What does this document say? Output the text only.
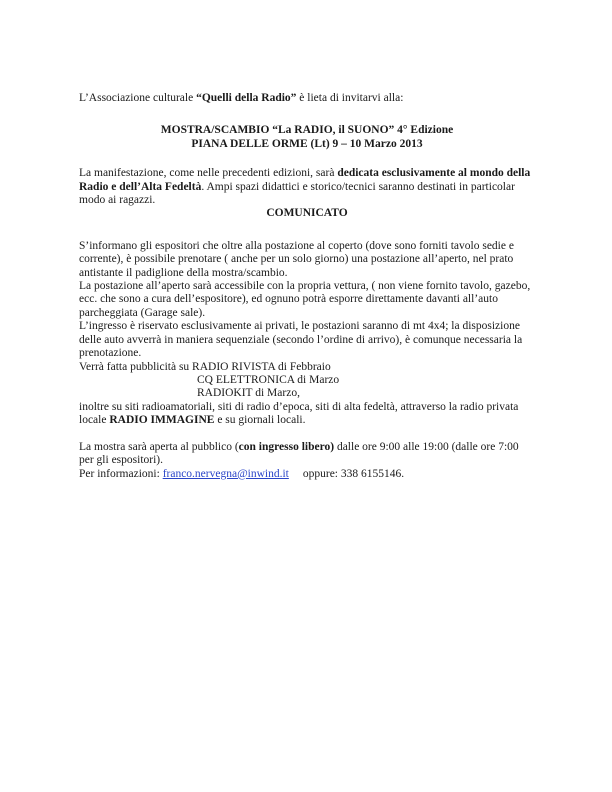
L’Associazione culturale “Quelli della Radio” è lieta di invitarvi alla:

MOSTRA/SCAMBIO “La RADIO, il SUONO” 4° Edizione
PIANA DELLE ORME (Lt) 9 – 10 Marzo 2013

La manifestazione, come nelle precedenti edizioni, sarà dedicata esclusivamente al mondo della Radio e dell’Alta Fedeltà. Ampi spazi didattici e storico/tecnici saranno destinati in particolar modo ai ragazzi.

COMUNICATO

S’informano gli espositori che oltre alla postazione al coperto (dove sono forniti tavolo sedie e corrente), è possibile prenotare ( anche per un solo giorno) una postazione all’aperto, nel prato antistante il padiglione della mostra/scambio.

La postazione all’aperto sarà accessibile con la propria vettura, ( non viene fornito tavolo, gazebo, ecc. che sono a cura dell’espositore), ed ognuno potrà esporre direttamente davanti all’auto parcheggiata (Garage sale).

L’ingresso è riservato esclusivamente ai privati, le postazioni saranno di mt 4x4; la disposizione delle auto avverrà in maniera sequenziale (secondo l’ordine di arrivo), è comunque necessaria la prenotazione.

Verrà fatta pubblicità su RADIO RIVISTA di Febbraio
CQ ELETTRONICA di Marzo
RADIOKIT di Marzo,

inoltre su siti radioamatoriali, siti di radio d’epoca, siti di alta fedeltà, attraverso la radio privata locale RADIO IMMAGINE e su giornali locali.

La mostra sarà aperta al pubblico (con ingresso libero) dalle ore 9:00 alle 19:00 (dalle ore 7:00 per gli espositori).

Per informazioni: franco.nervegna@inwind.it oppure: 338 6155146.
